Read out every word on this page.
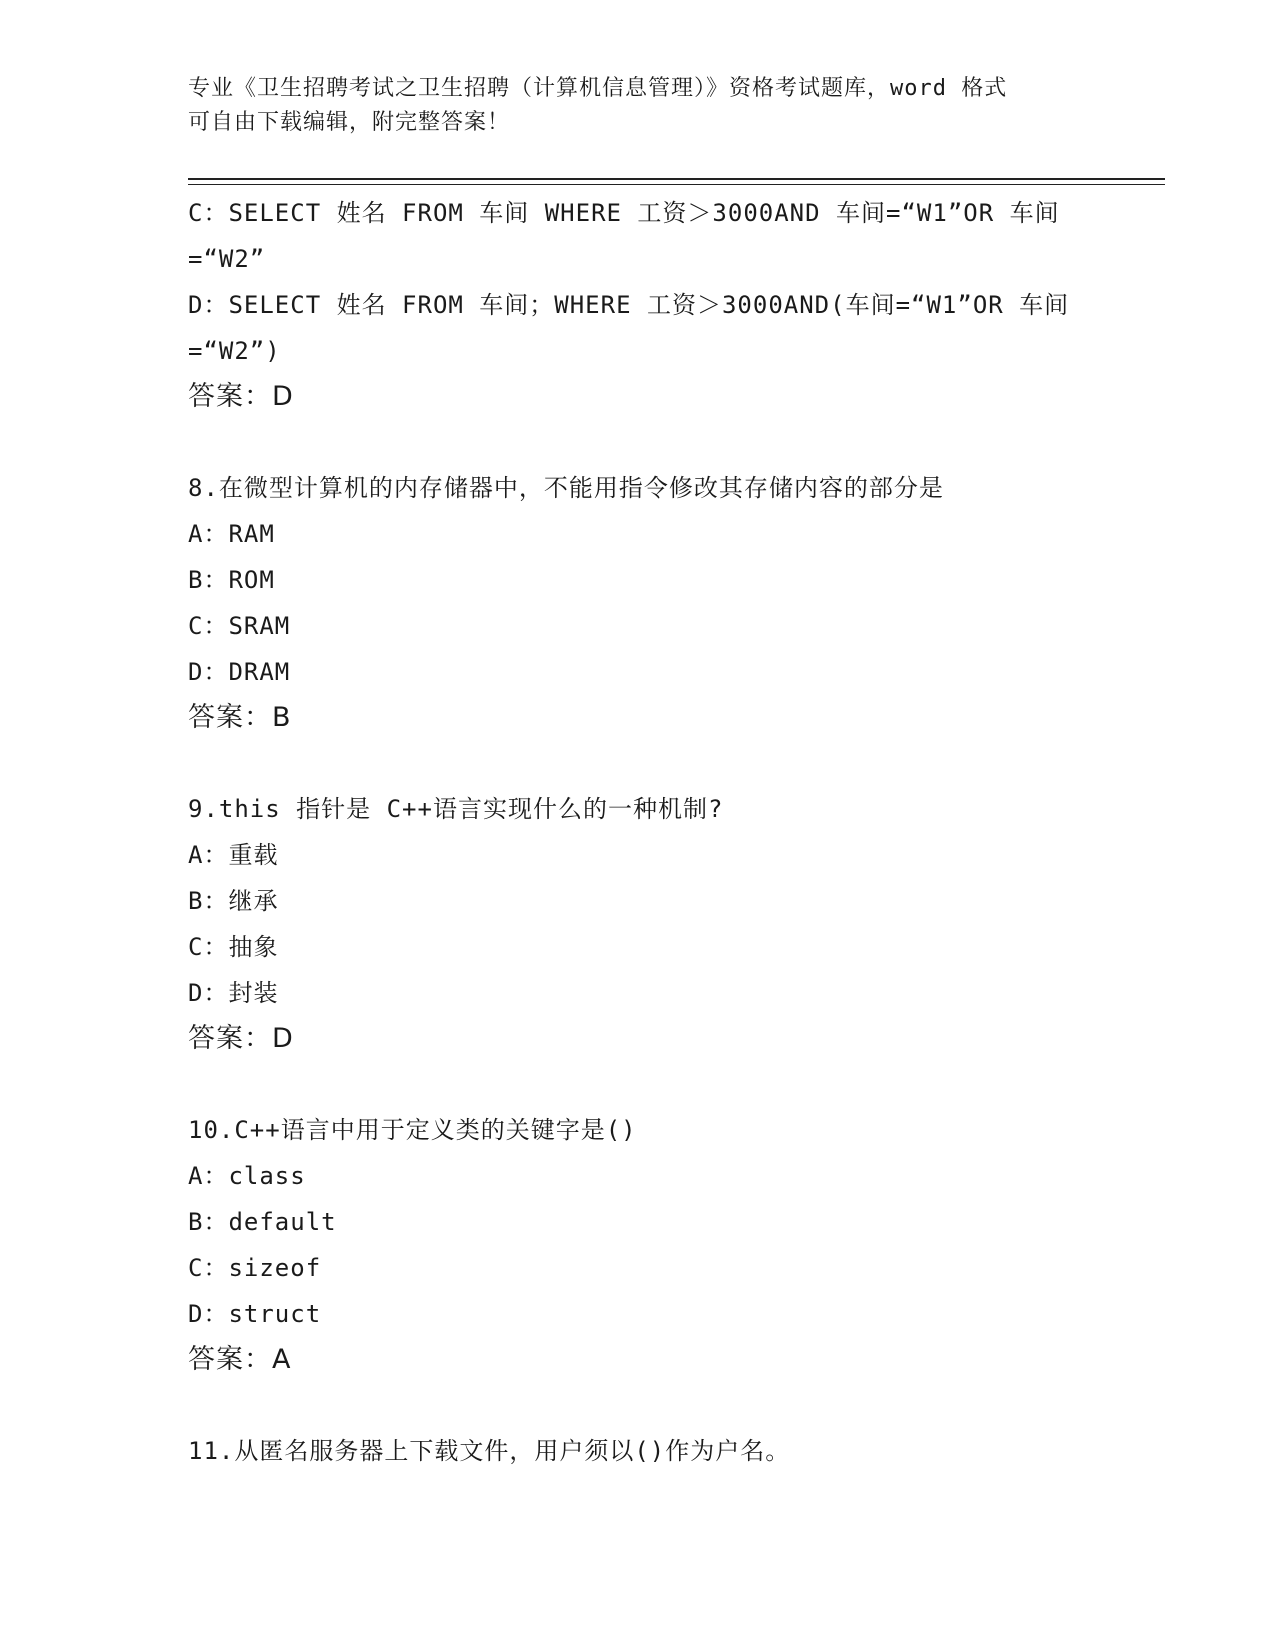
专业《卫生招聘考试之卫生招聘（计算机信息管理）》资格考试题库，word 格式
可自由下载编辑，附完整答案！
C：SELECT 姓名 FROM 车间 WHERE 工资＞3000AND 车间=“W1”OR 车间
=“W2”
D：SELECT 姓名 FROM 车间；WHERE 工资＞3000AND(车间=“W1”OR 车间
=“W2”)
答案：D
8.在微型计算机的内存储器中，不能用指令修改其存储内容的部分是
A：RAM
B：ROM
C：SRAM
D：DRAM
答案：B
9.this 指针是 C++语言实现什么的一种机制?
A：重载
B：继承
C：抽象
D：封装
答案：D
10.C++语言中用于定义类的关键字是()
A：class
B：default
C：sizeof
D：struct
答案：A
11.从匿名服务器上下载文件，用户须以()作为户名。
